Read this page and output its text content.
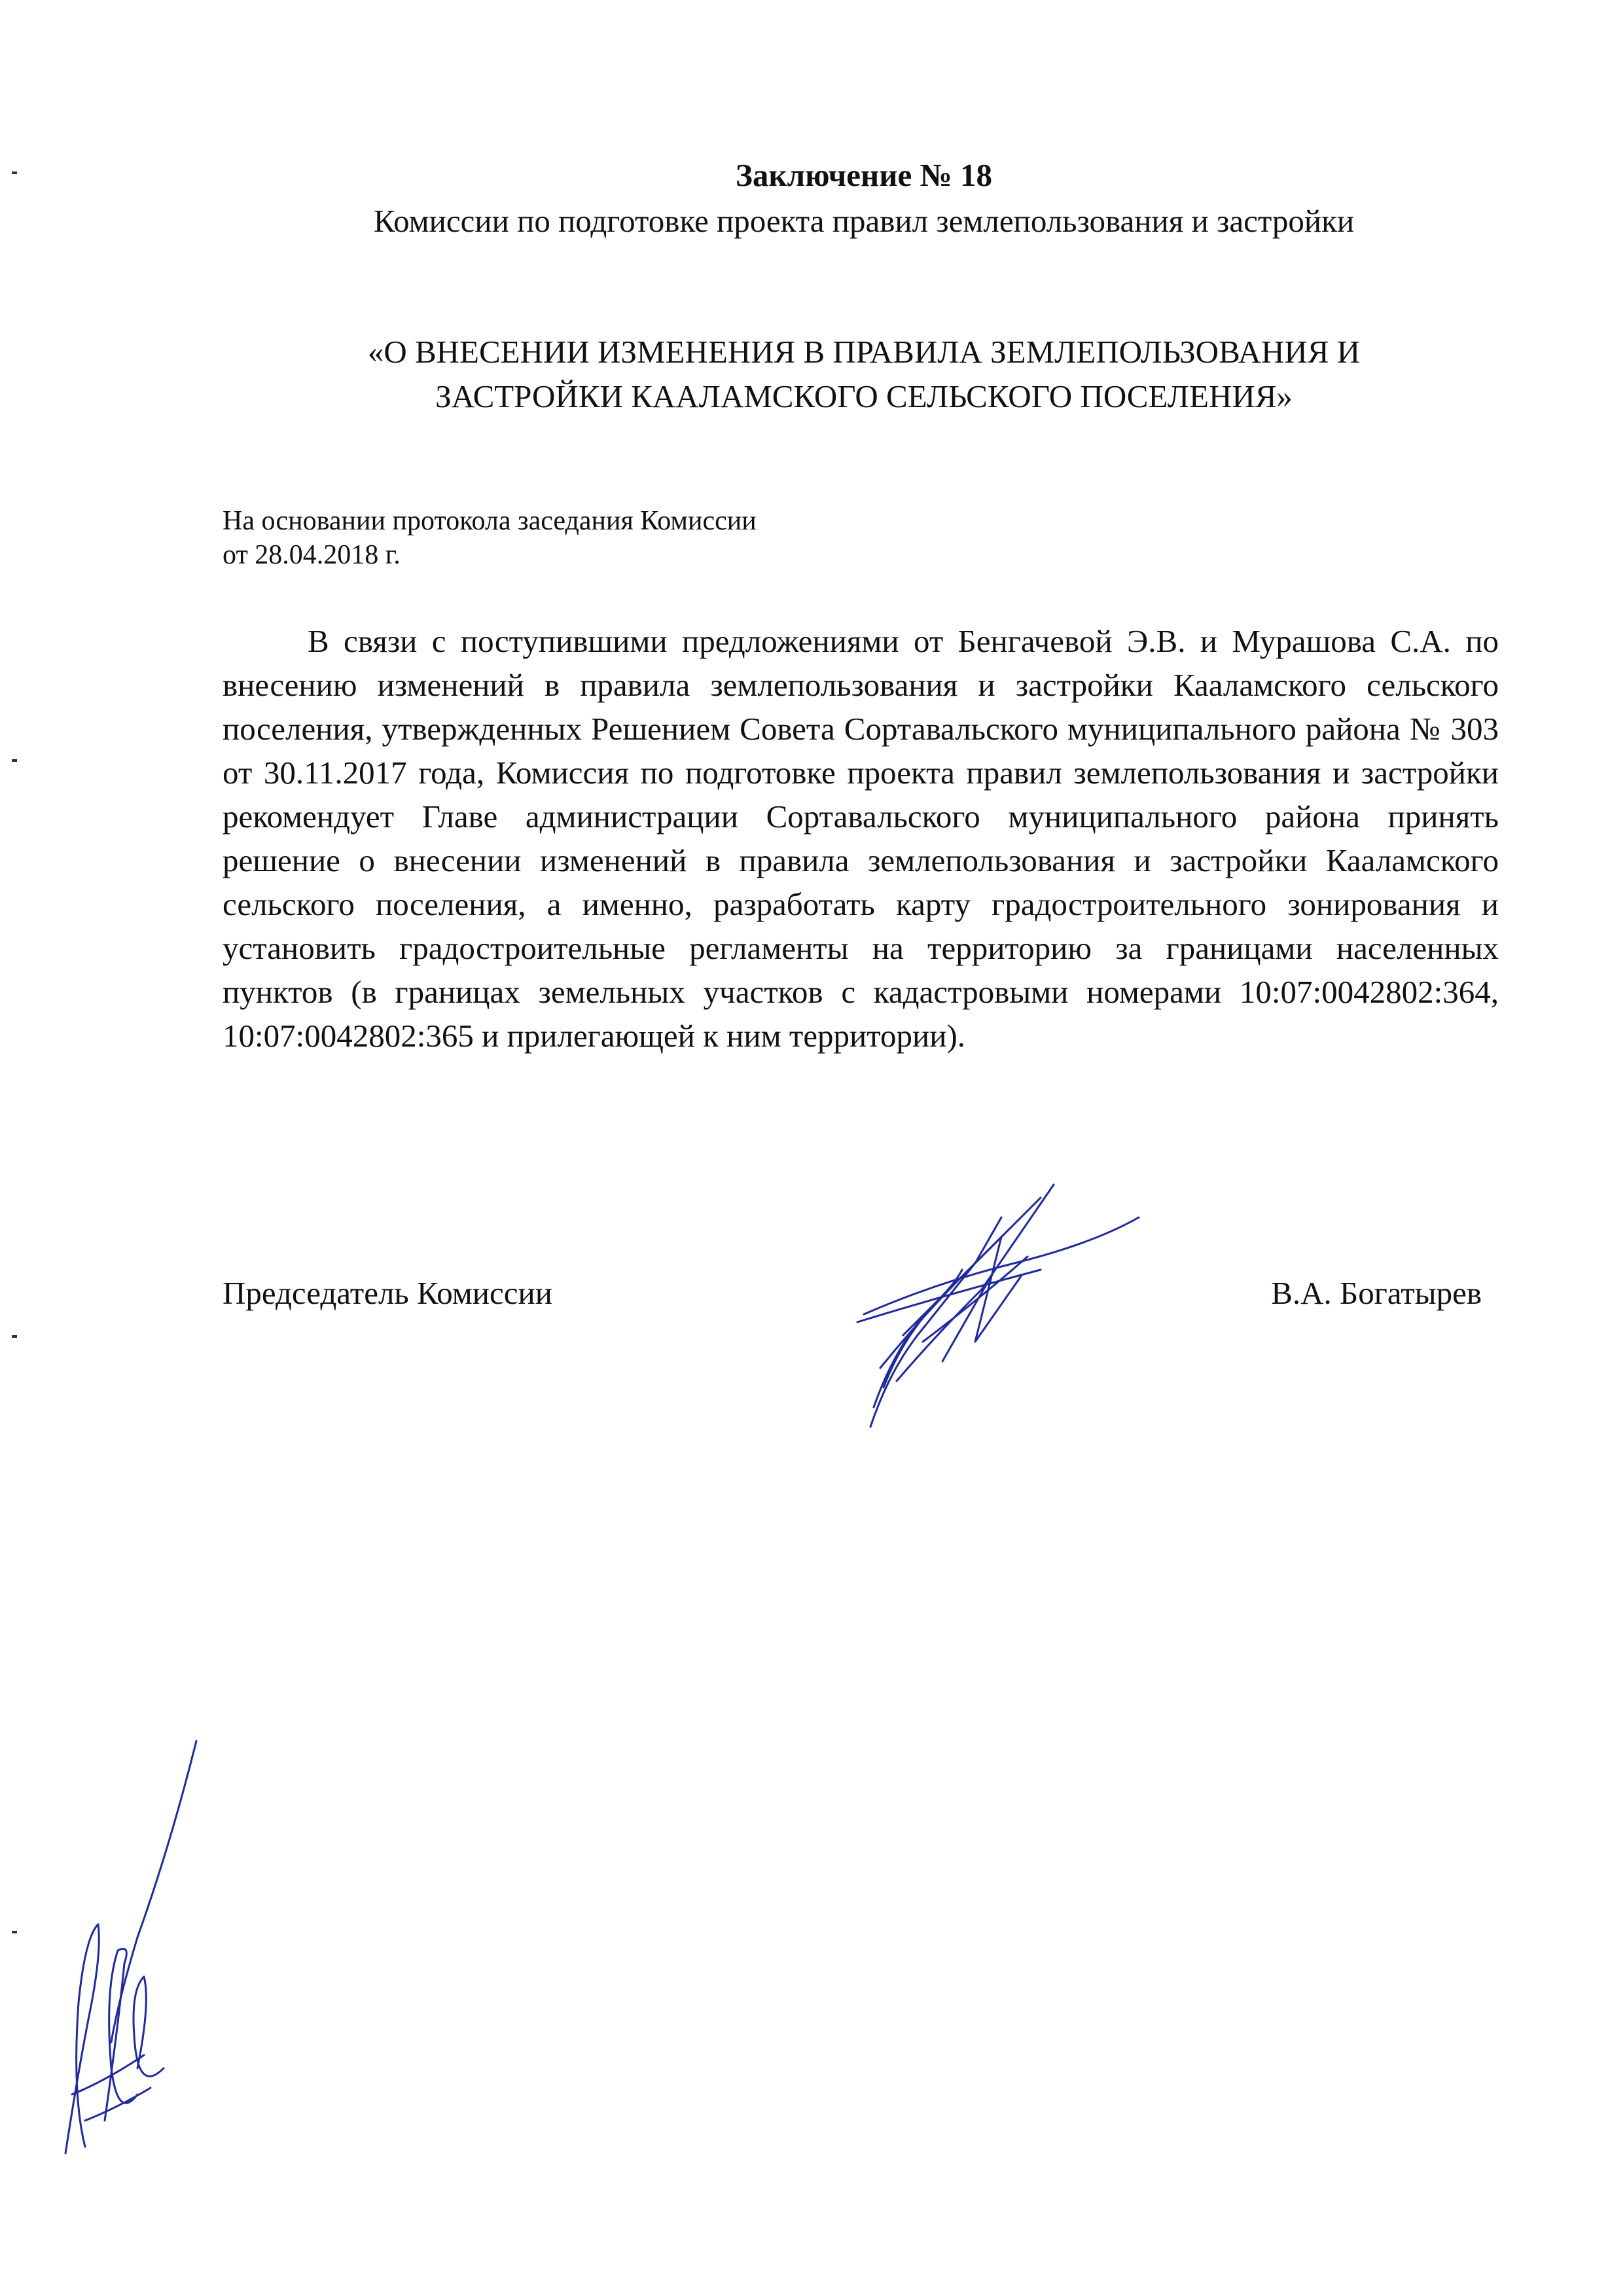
Заключение № 18
Комиссии по подготовке проекта правил землепользования и застройки
«О ВНЕСЕНИИ ИЗМЕНЕНИЯ В ПРАВИЛА ЗЕМЛЕПОЛЬЗОВАНИЯ И
ЗАСТРОЙКИ КААЛАМСКОГО СЕЛЬСКОГО ПОСЕЛЕНИЯ»
На основании протокола заседания Комиссии
от 28.04.2018 г.
В связи с поступившими предложениями от Бенгачевой Э.В. и Мурашова С.А. по внесению изменений в правила землепользования и застройки Кааламского сельского поселения, утвержденных Решением Совета Сортавальского муниципального района № 303 от 30.11.2017 года, Комиссия по подготовке проекта правил землепользования и застройки рекомендует Главе администрации Сортавальского муниципального района принять решение о внесении изменений в правила землепользования и застройки Кааламского сельского поселения, а именно, разработать карту градостроительного зонирования и установить градостроительные регламенты на территорию за границами населенных пунктов (в границах земельных участков с кадастровыми номерами 10:07:0042802:364, 10:07:0042802:365 и прилегающей к ним территории).
Председатель Комиссии	В.А. Богатырев
